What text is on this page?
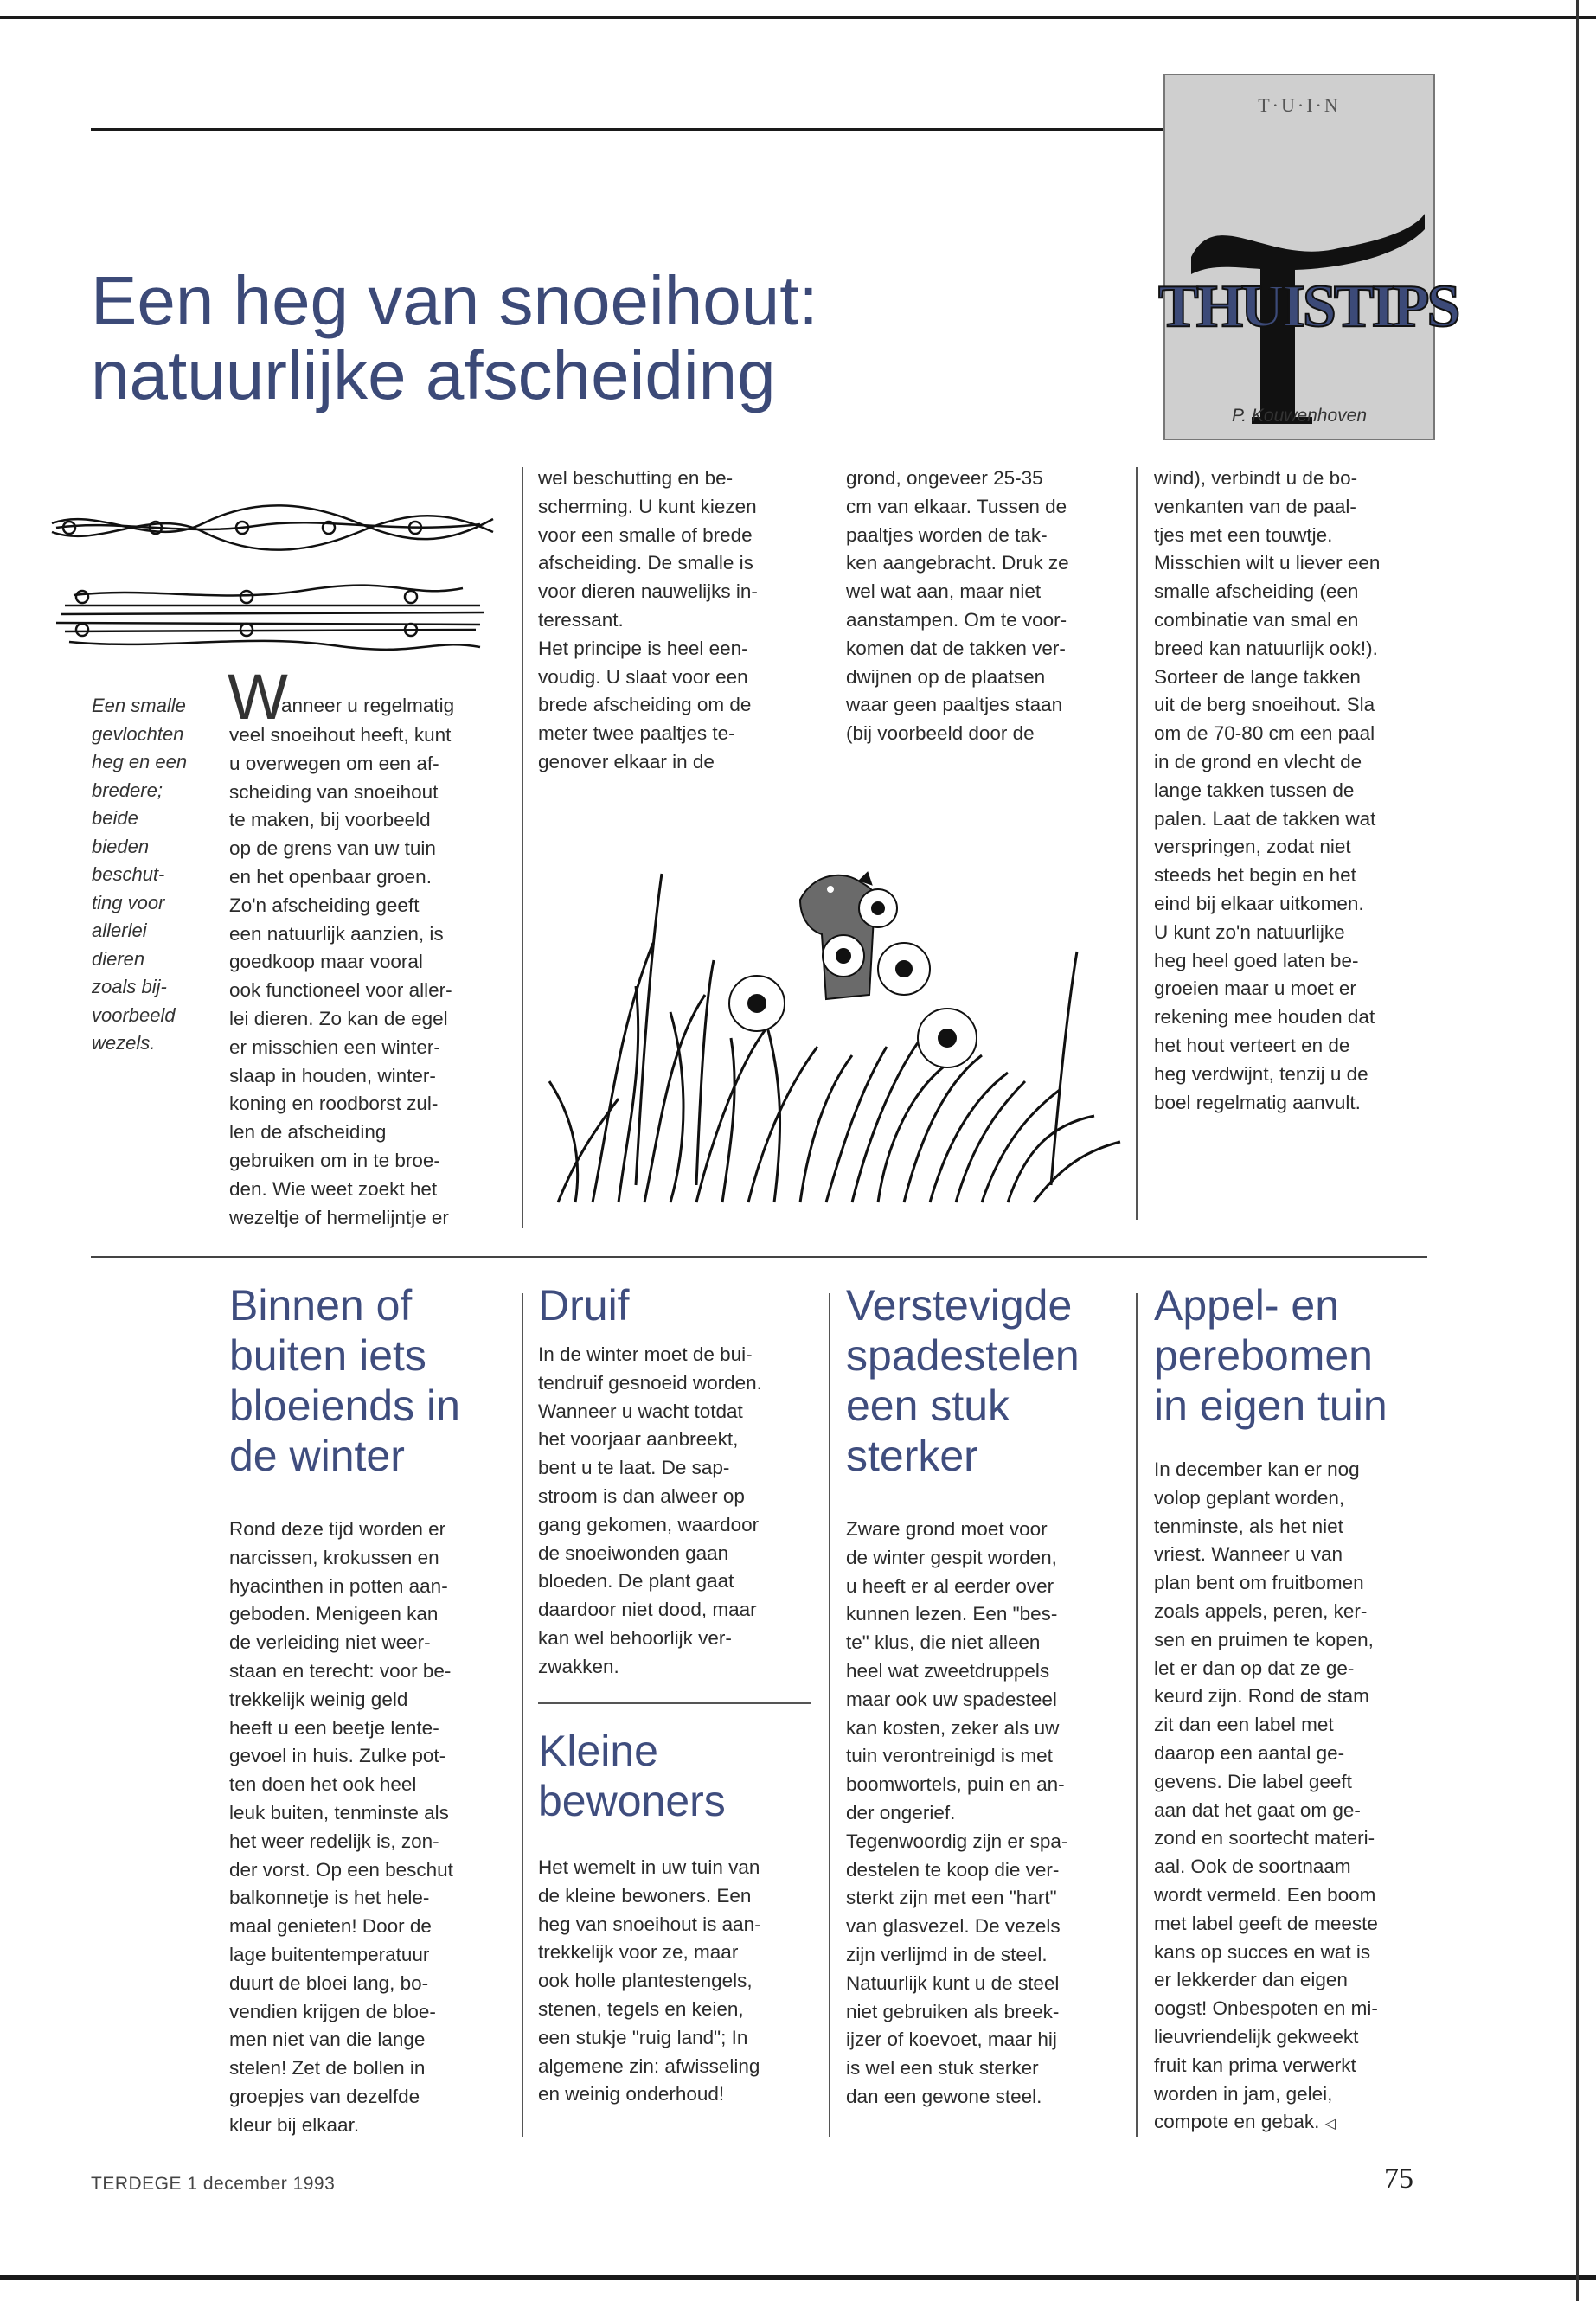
T·U·I·N
THUISTIPS
P. Kouwenhoven
Een heg van snoeihout:
natuurlijke afscheiding
Een smalle
gevlochten
heg en een
bredere;
beide
bieden
beschut-
ting voor
allerlei
dieren
zoals bij-
voorbeeld
wezels.
W
anneer u regelmatig
veel snoeihout heeft, kunt
u overwegen om een af-
scheiding van snoeihout
te maken, bij voorbeeld
op de grens van uw tuin
en het openbaar groen.
Zo'n afscheiding geeft
een natuurlijk aanzien, is
goedkoop maar vooral
ook functioneel voor aller-
lei dieren. Zo kan de egel
er misschien een winter-
slaap in houden, winter-
koning en roodborst zul-
len de afscheiding
gebruiken om in te broe-
den. Wie weet zoekt het
wezeltje of hermelijntje er
wel beschutting en be-
scherming. U kunt kiezen
voor een smalle of brede
afscheiding. De smalle is
voor dieren nauwelijks in-
teressant.
Het principe is heel een-
voudig. U slaat voor een
brede afscheiding om de
meter twee paaltjes te-
genover elkaar in de
grond, ongeveer 25-35
cm van elkaar. Tussen de
paaltjes worden de tak-
ken aangebracht. Druk ze
wel wat aan, maar niet
aanstampen. Om te voor-
komen dat de takken ver-
dwijnen op de plaatsen
waar geen paaltjes staan
(bij voorbeeld door de
wind), verbindt u de bo-
venkanten van de paal-
tjes met een touwtje.
Misschien wilt u liever een
smalle afscheiding (een
combinatie van smal en
breed kan natuurlijk ook!).
Sorteer de lange takken
uit de berg snoeihout. Sla
om de 70-80 cm een paal
in de grond en vlecht de
lange takken tussen de
palen. Laat de takken wat
verspringen, zodat niet
steeds het begin en het
eind bij elkaar uitkomen.
U kunt zo'n natuurlijke
heg heel goed laten be-
groeien maar u moet er
rekening mee houden dat
het hout verteert en de
heg verdwijnt, tenzij u de
boel regelmatig aanvult.
Binnen of
buiten iets
bloeiends in
de winter
Rond deze tijd worden er
narcissen, krokussen en
hyacinthen in potten aan-
geboden. Menigeen kan
de verleiding niet weer-
staan en terecht: voor be-
trekkelijk weinig geld
heeft u een beetje lente-
gevoel in huis. Zulke pot-
ten doen het ook heel
leuk buiten, tenminste als
het weer redelijk is, zon-
der vorst. Op een beschut
balkonnetje is het hele-
maal genieten! Door de
lage buitentemperatuur
duurt de bloei lang, bo-
vendien krijgen de bloe-
men niet van die lange
stelen! Zet de bollen in
groepjes van dezelfde
kleur bij elkaar.
Druif
In de winter moet de bui-
tendruif gesnoeid worden.
Wanneer u wacht totdat
het voorjaar aanbreekt,
bent u te laat. De sap-
stroom is dan alweer op
gang gekomen, waardoor
de snoeiwonden gaan
bloeden. De plant gaat
daardoor niet dood, maar
kan wel behoorlijk ver-
zwakken.
Kleine
bewoners
Het wemelt in uw tuin van
de kleine bewoners. Een
heg van snoeihout is aan-
trekkelijk voor ze, maar
ook holle plantestengels,
stenen, tegels en keien,
een stukje "ruig land"; In
algemene zin: afwisseling
en weinig onderhoud!
Verstevigde
spadestelen
een stuk
sterker
Zware grond moet voor
de winter gespit worden,
u heeft er al eerder over
kunnen lezen. Een "bes-
te" klus, die niet alleen
heel wat zweetdruppels
maar ook uw spadesteel
kan kosten, zeker als uw
tuin verontreinigd is met
boomwortels, puin en an-
der ongerief.
Tegenwoordig zijn er spa-
destelen te koop die ver-
sterkt zijn met een "hart"
van glasvezel. De vezels
zijn verlijmd in de steel.
Natuurlijk kunt u de steel
niet gebruiken als breek-
ijzer of koevoet, maar hij
is wel een stuk sterker
dan een gewone steel.
Appel- en
perebomen
in eigen tuin
In december kan er nog
volop geplant worden,
tenminste, als het niet
vriest. Wanneer u van
plan bent om fruitbomen
zoals appels, peren, ker-
sen en pruimen te kopen,
let er dan op dat ze ge-
keurd zijn. Rond de stam
zit dan een label met
daarop een aantal ge-
gevens. Die label geeft
aan dat het gaat om ge-
zond en soortecht materi-
aal. Ook de soortnaam
wordt vermeld. Een boom
met label geeft de meeste
kans op succes en wat is
er lekkerder dan eigen
oogst! Onbespoten en mi-
lieuvriendelijk gekweekt
fruit kan prima verwerkt
worden in jam, gelei,
compote en gebak. ◁
TERDEGE 1 december 1993	75
